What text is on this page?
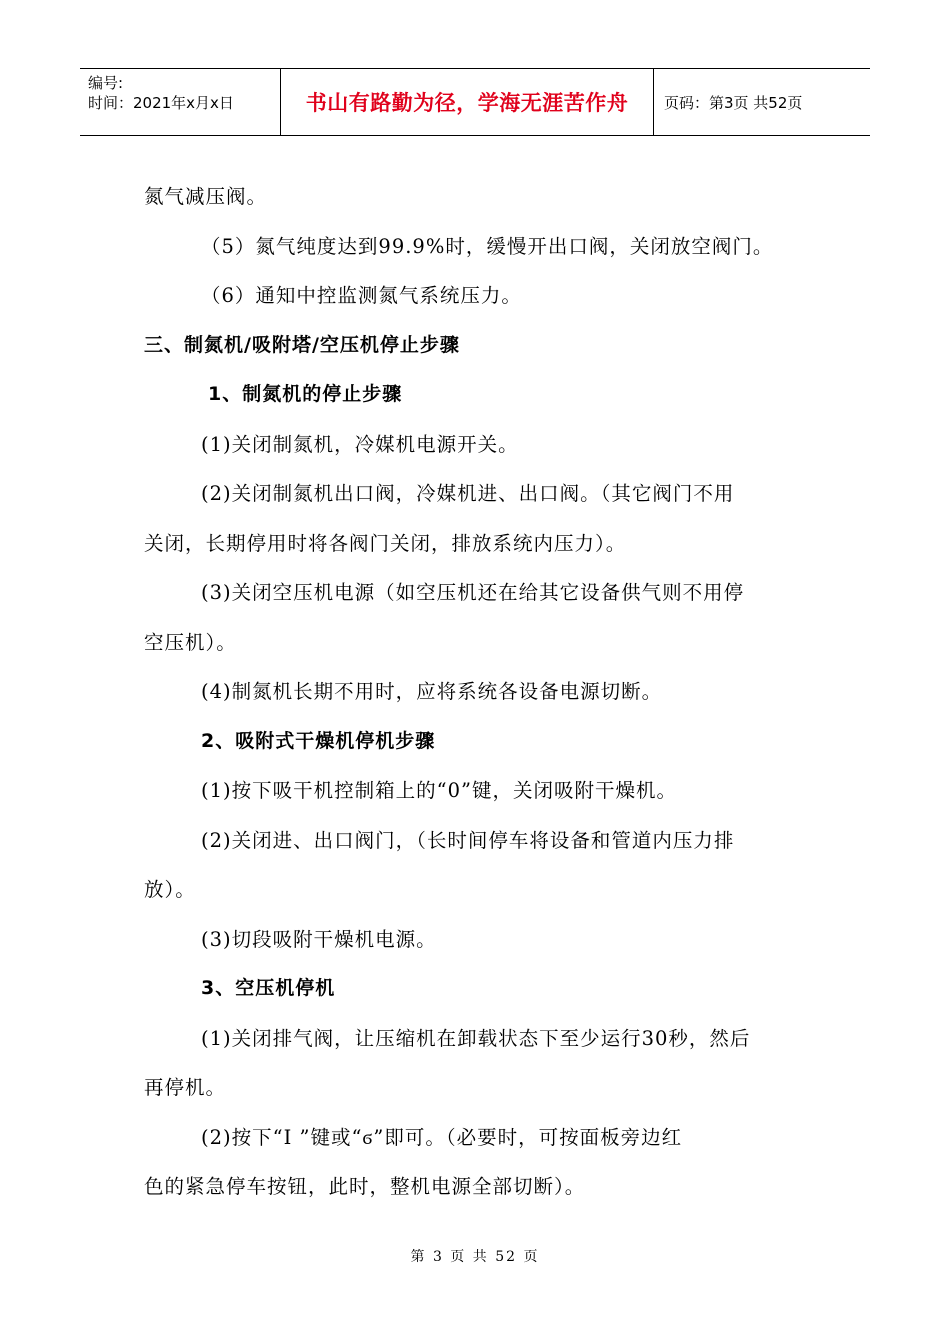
编号:
时间：2021年x月x日	书山有路勤为径，学海无涯苦作舟	页码：第3页 共52页
氮气减压阀。
（5）氮气纯度达到99.9%时，缓慢开出口阀，关闭放空阀门。
（6）通知中控监测氮气系统压力。
三、制氮机/吸附塔/空压机停止步骤
1、制氮机的停止步骤
(1)关闭制氮机，冷媒机电源开关。
(2)关闭制氮机出口阀，冷媒机进、出口阀。（其它阀门不用
关闭，长期停用时将各阀门关闭，排放系统内压力）。
(3)关闭空压机电源（如空压机还在给其它设备供气则不用停
空压机）。
(4)制氮机长期不用时，应将系统各设备电源切断。
2、吸附式干燥机停机步骤
(1)按下吸干机控制箱上的“0”键，关闭吸附干燥机。
(2)关闭进、出口阀门，（长时间停车将设备和管道内压力排
放）。
(3)切段吸附干燥机电源。
3、空压机停机
(1)关闭排气阀，让压缩机在卸载状态下至少运行30秒，然后
再停机。
(2)按下“I ”键或“ϭ”即可。（必要时，可按面板旁边红
色的紧急停车按钮，此时，整机电源全部切断）。
第 3 页 共 52 页
